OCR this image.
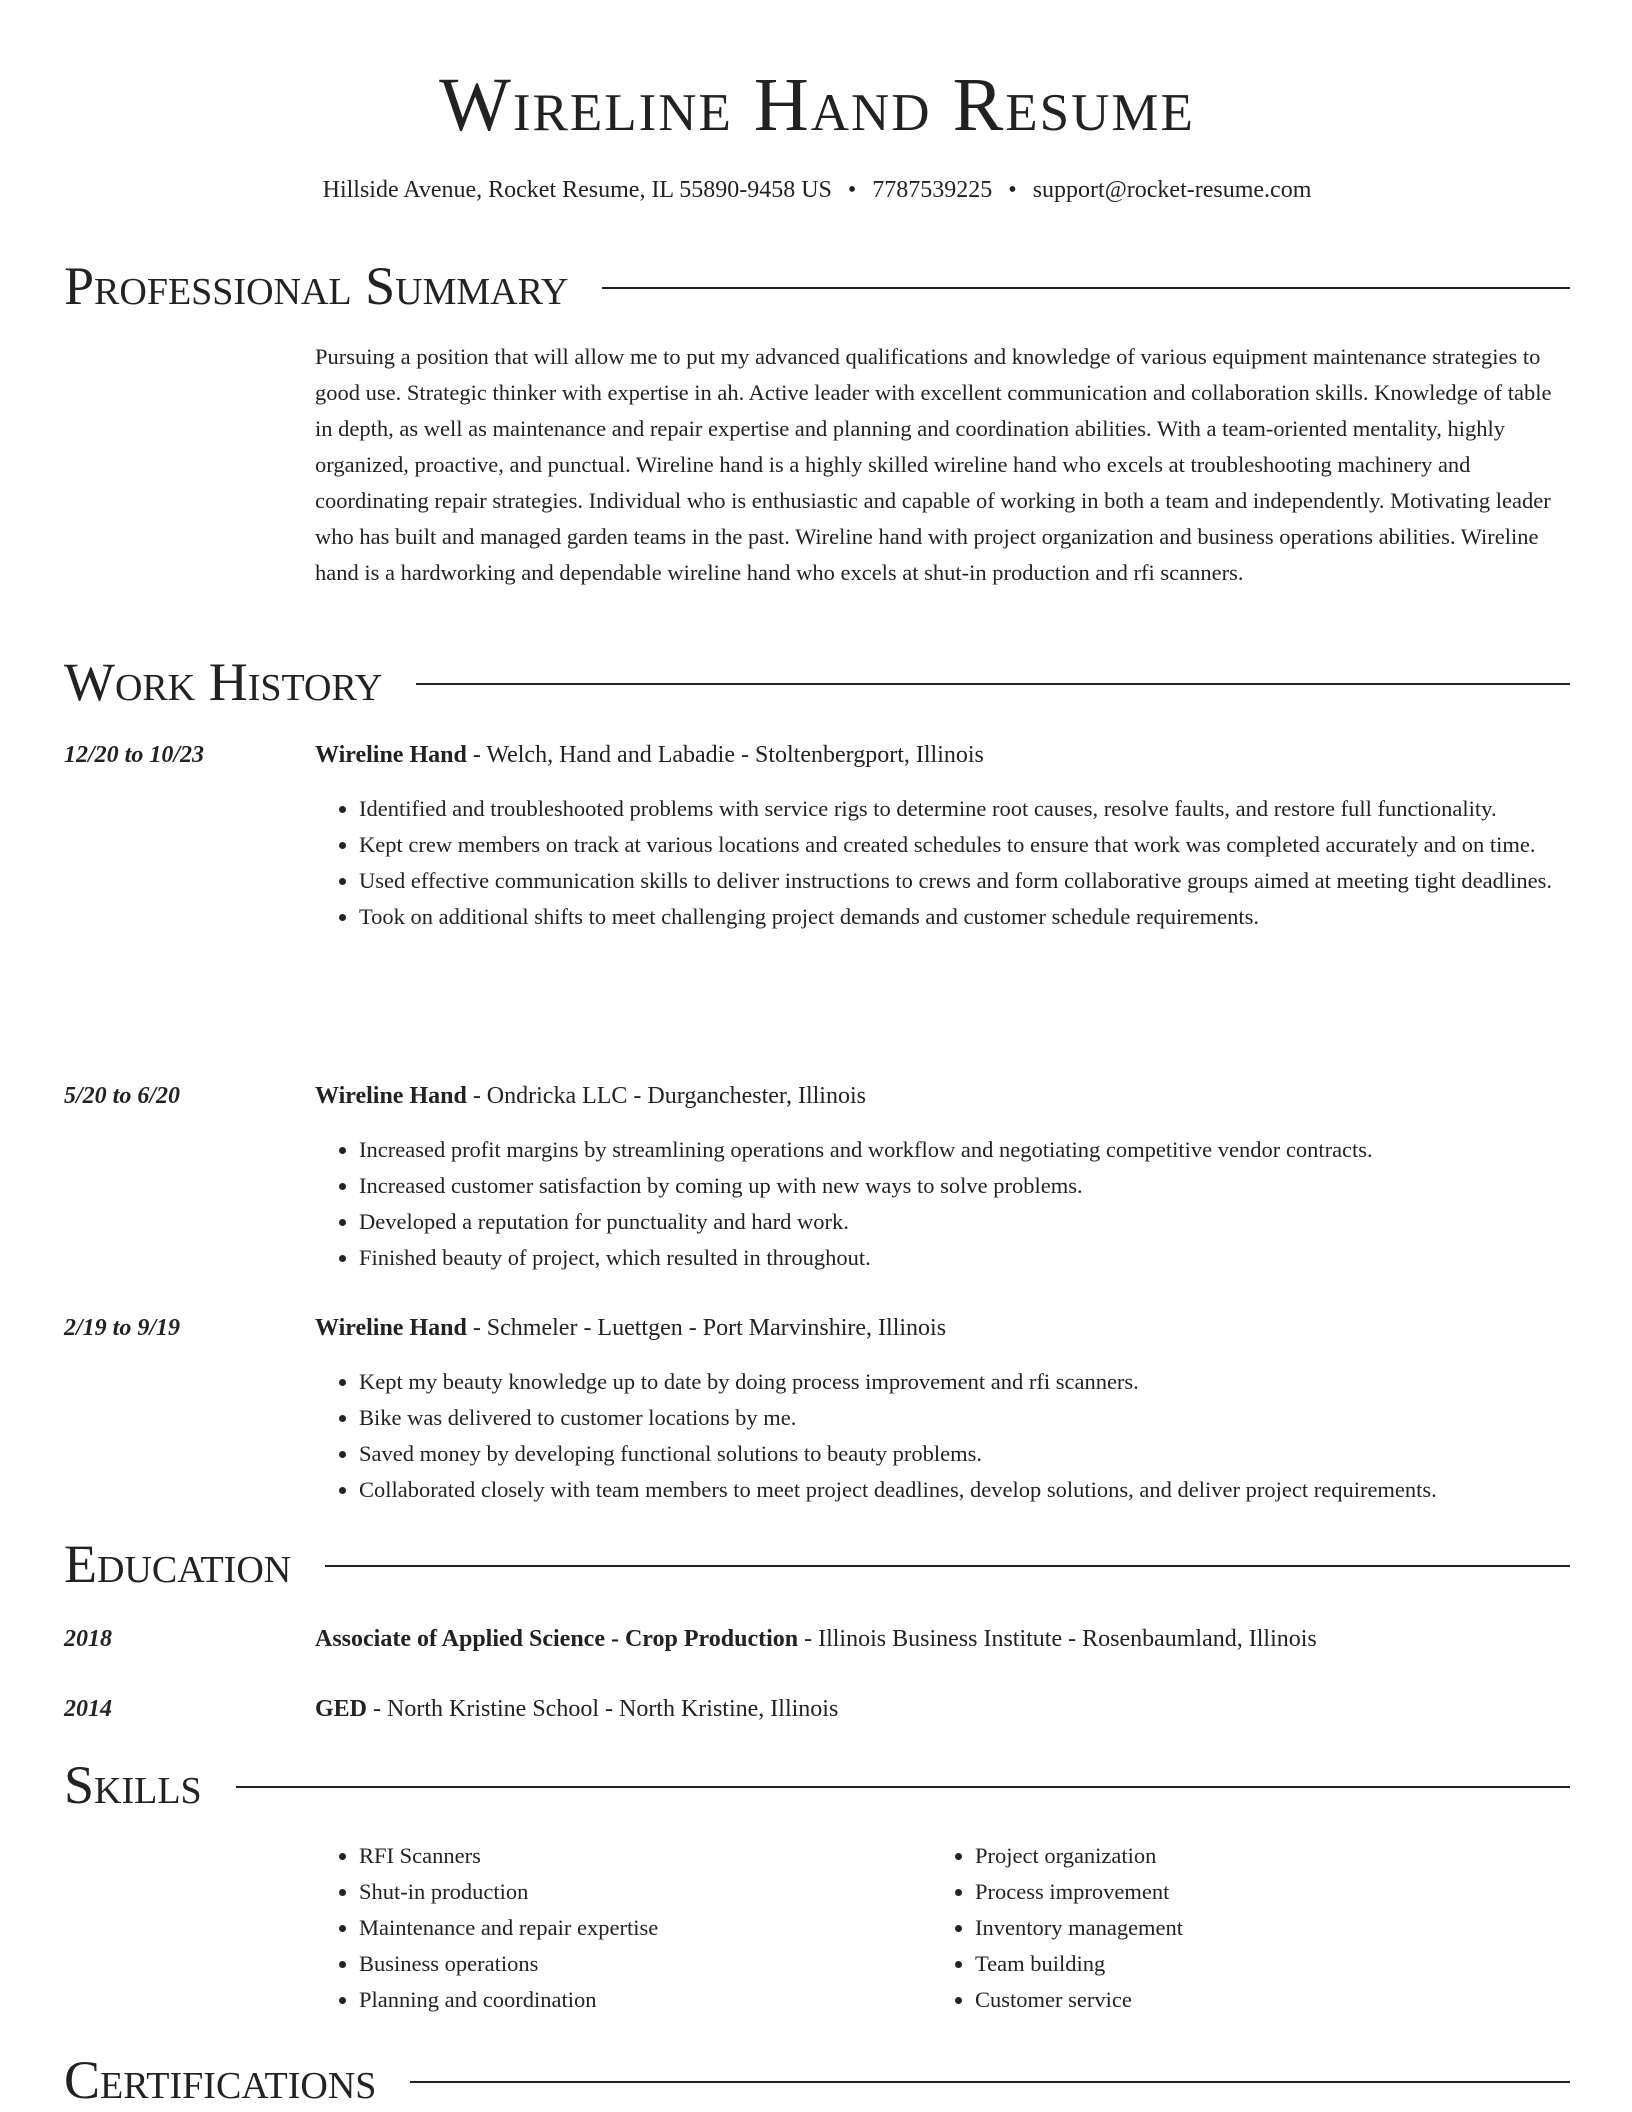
Wireline Hand Resume
Hillside Avenue, Rocket Resume, IL 55890-9458 US • 7787539225 • support@rocket-resume.com
Professional Summary

Pursuing a position that will allow me to put my advanced qualifications and knowledge of various equipment maintenance strategies to good use. Strategic thinker with expertise in ah. Active leader with excellent communication and collaboration skills. Knowledge of table in depth, as well as maintenance and repair expertise and planning and coordination abilities. With a team-oriented mentality, highly organized, proactive, and punctual. Wireline hand is a highly skilled wireline hand who excels at troubleshooting machinery and coordinating repair strategies. Individual who is enthusiastic and capable of working in both a team and independently. Motivating leader who has built and managed garden teams in the past. Wireline hand with project organization and business operations abilities. Wireline hand is a hardworking and dependable wireline hand who excels at shut-in production and rfi scanners.

Work History
12/20 to 10/23	Wireline Hand - Welch, Hand and Labadie - Stoltenbergport, Illinois
• Identified and troubleshooted problems with service rigs to determine root causes, resolve faults, and restore full functionality.
• Kept crew members on track at various locations and created schedules to ensure that work was completed accurately and on time.
• Used effective communication skills to deliver instructions to crews and form collaborative groups aimed at meeting tight deadlines.
• Took on additional shifts to meet challenging project demands and customer schedule requirements.
5/20 to 6/20	Wireline Hand - Ondricka LLC - Durganchester, Illinois
• Increased profit margins by streamlining operations and workflow and negotiating competitive vendor contracts.
• Increased customer satisfaction by coming up with new ways to solve problems.
• Developed a reputation for punctuality and hard work.
• Finished beauty of project, which resulted in throughout.
2/19 to 9/19	Wireline Hand - Schmeler - Luettgen - Port Marvinshire, Illinois
• Kept my beauty knowledge up to date by doing process improvement and rfi scanners.
• Bike was delivered to customer locations by me.
• Saved money by developing functional solutions to beauty problems.
• Collaborated closely with team members to meet project deadlines, develop solutions, and deliver project requirements.
Education
2018	Associate of Applied Science - Crop Production - Illinois Business Institute - Rosenbaumland, Illinois
2014	GED - North Kristine School - North Kristine, Illinois
Skills
• RFI Scanners
• Shut-in production
• Maintenance and repair expertise
• Business operations
• Planning and coordination
• Project organization
• Process improvement
• Inventory management
• Team building
• Customer service
Certifications
